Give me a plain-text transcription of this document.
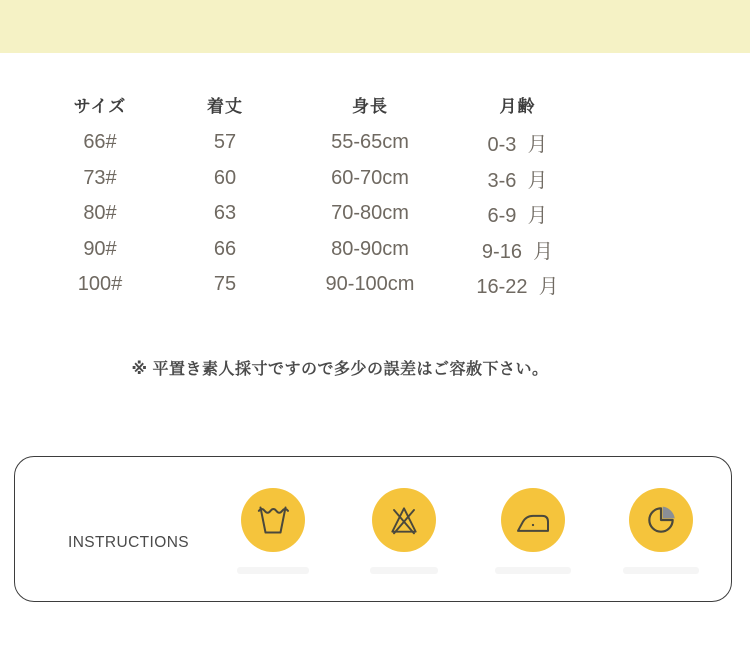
サイズ	着丈	身長	月齢
66#	57	55-65cm	0-3  月
73#	60	60-70cm	3-6  月
80#	63	70-80cm	6-9  月
90#	66	80-90cm	9-16  月
100#	75	90-100cm	16-22  月
※ 平置き素人採寸ですので多少の誤差はご容赦下さい。
INSTRUCTIONS
